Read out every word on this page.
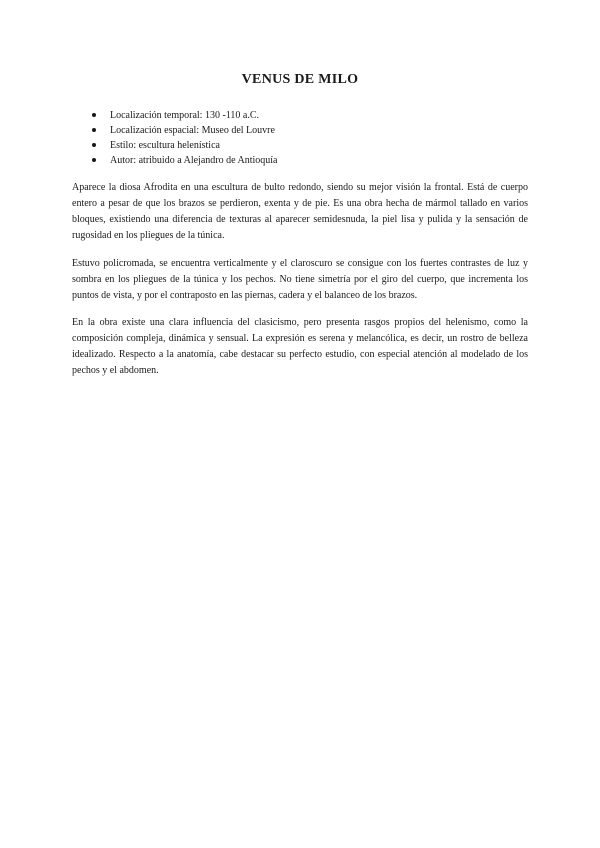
VENUS DE MILO
Localización temporal: 130 -110 a.C.
Localización espacial: Museo del Louvre
Estilo: escultura helenística
Autor: atribuido a Alejandro de Antioquía

Aparece la diosa Afrodita en una escultura de bulto redondo, siendo su mejor visión la frontal. Está de cuerpo entero a pesar de que los brazos se perdieron, exenta y de pie. Es una obra hecha de mármol tallado en varios bloques, existiendo una diferencia de texturas al aparecer semidesnuda, la piel lisa y pulida y la sensación de rugosidad en los pliegues de la túnica.

Estuvo policromada, se encuentra verticalmente y el claroscuro se consigue con los fuertes contrastes de luz y sombra en los pliegues de la túnica y los pechos. No tiene simetría por el giro del cuerpo, que incrementa los puntos de vista, y por el contraposto en las piernas, cadera y el balanceo de los brazos.

En la obra existe una clara influencia del clasicismo, pero presenta rasgos propios del helenismo, como la composición compleja, dinámica y sensual. La expresión es serena y melancólica, es decir, un rostro de belleza idealizado. Respecto a la anatomía, cabe destacar su perfecto estudio, con especial atención al modelado de los pechos y el abdomen.
